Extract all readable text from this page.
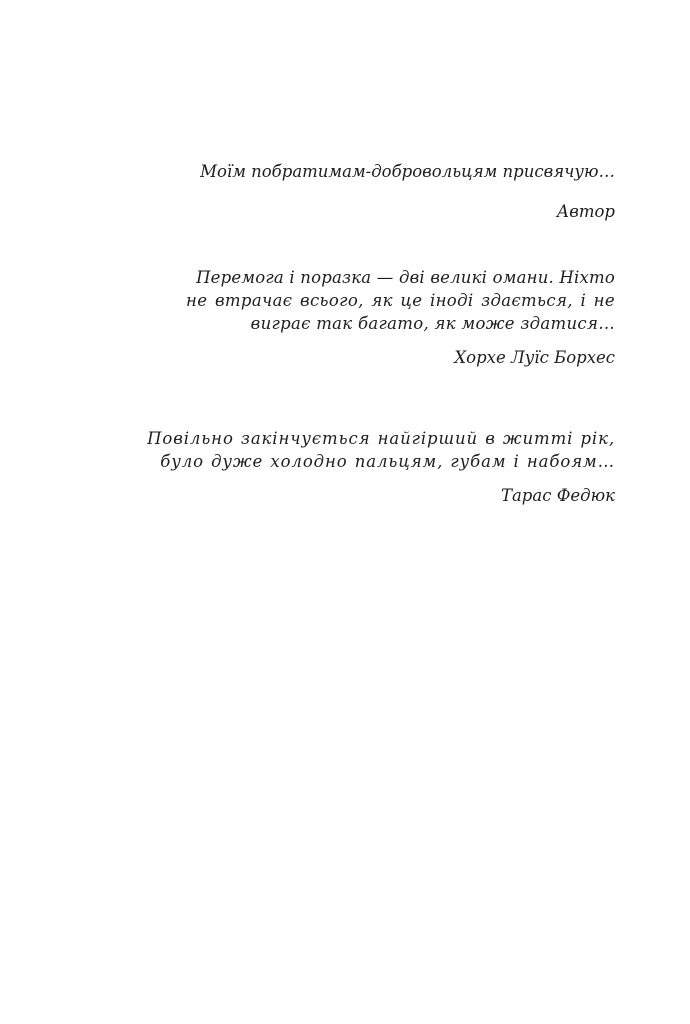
Моїм побратимам-добровольцям присвячую…
Автор
Перемога і поразка — дві великі омани. Ніхто
не втрачає всього, як це іноді здається, і не
виграє так багато, як може здатися…
Хорхе Луїс Борхес
Повільно закінчується найгірший в житті рік,
було дуже холодно пальцям, губам і набоям…
Тарас Федюк
